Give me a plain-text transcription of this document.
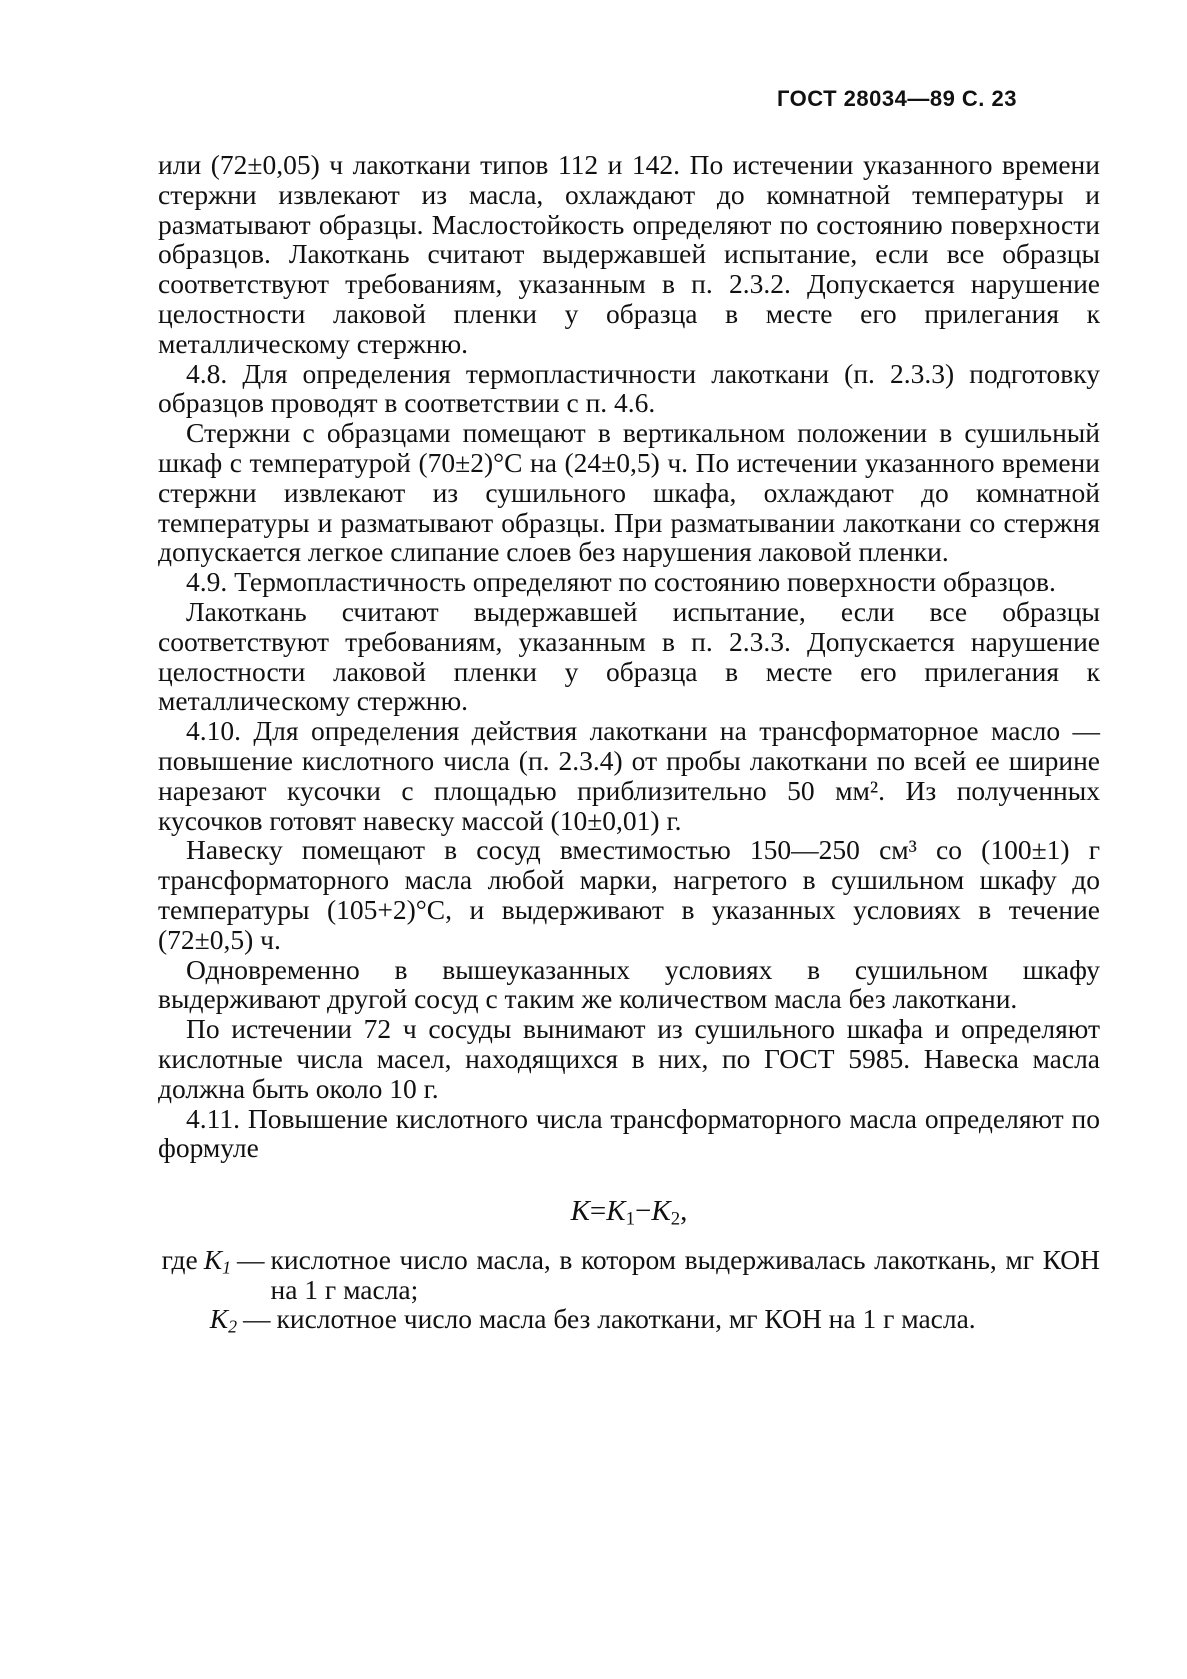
ГОСТ 28034—89 С. 23

или (72±0,05) ч лакоткани типов 112 и 142. По истечении указанного времени стержни извлекают из масла, охлаждают до комнатной температуры и разматывают образцы. Маслостойкость определяют по состоянию поверхности образцов. Лакоткань считают выдержавшей испытание, если все образцы соответствуют требованиям, указанным в п. 2.3.2. Допускается нарушение целостности лаковой пленки у образца в месте его прилегания к металлическому стержню.

4.8. Для определения термопластичности лакоткани (п. 2.3.3) подготовку образцов проводят в соответствии с п. 4.6.

Стержни с образцами помещают в вертикальном положении в сушильный шкаф с температурой (70±2)°С на (24±0,5) ч. По истечении указанного времени стержни извлекают из сушильного шкафа, охлаждают до комнатной температуры и разматывают образцы. При разматывании лакоткани со стержня допускается легкое слипание слоев без нарушения лаковой пленки.

4.9. Термопластичность определяют по состоянию поверхности образцов.

Лакоткань считают выдержавшей испытание, если все образцы соответствуют требованиям, указанным в п. 2.3.3. Допускается нарушение целостности лаковой пленки у образца в месте его прилегания к металлическому стержню.

4.10. Для определения действия лакоткани на трансформаторное масло — повышение кислотного числа (п. 2.3.4) от пробы лакоткани по всей ее ширине нарезают кусочки с площадью приблизительно 50 мм². Из полученных кусочков готовят навеску массой (10±0,01) г.

Навеску помещают в сосуд вместимостью 150—250 см³ со (100±1) г трансформаторного масла любой марки, нагретого в сушильном шкафу до температуры (105+2)°С, и выдерживают в указанных условиях в течение (72±0,5) ч.

Одновременно в вышеуказанных условиях в сушильном шкафу выдерживают другой сосуд с таким же количеством масла без лакоткани.

По истечении 72 ч сосуды вынимают из сушильного шкафа и определяют кислотные числа масел, находящихся в них, по ГОСТ 5985. Навеска масла должна быть около 10 г.

4.11. Повышение кислотного числа трансформаторного масла определяют по формуле

$K=K_1-K_2$,
где $K_1$ — кислотное число масла, в котором выдерживалась лакоткань, мг КОН на 1 г масла;
$K_2$ — кислотное число масла без лакоткани, мг КОН на 1 г масла.
